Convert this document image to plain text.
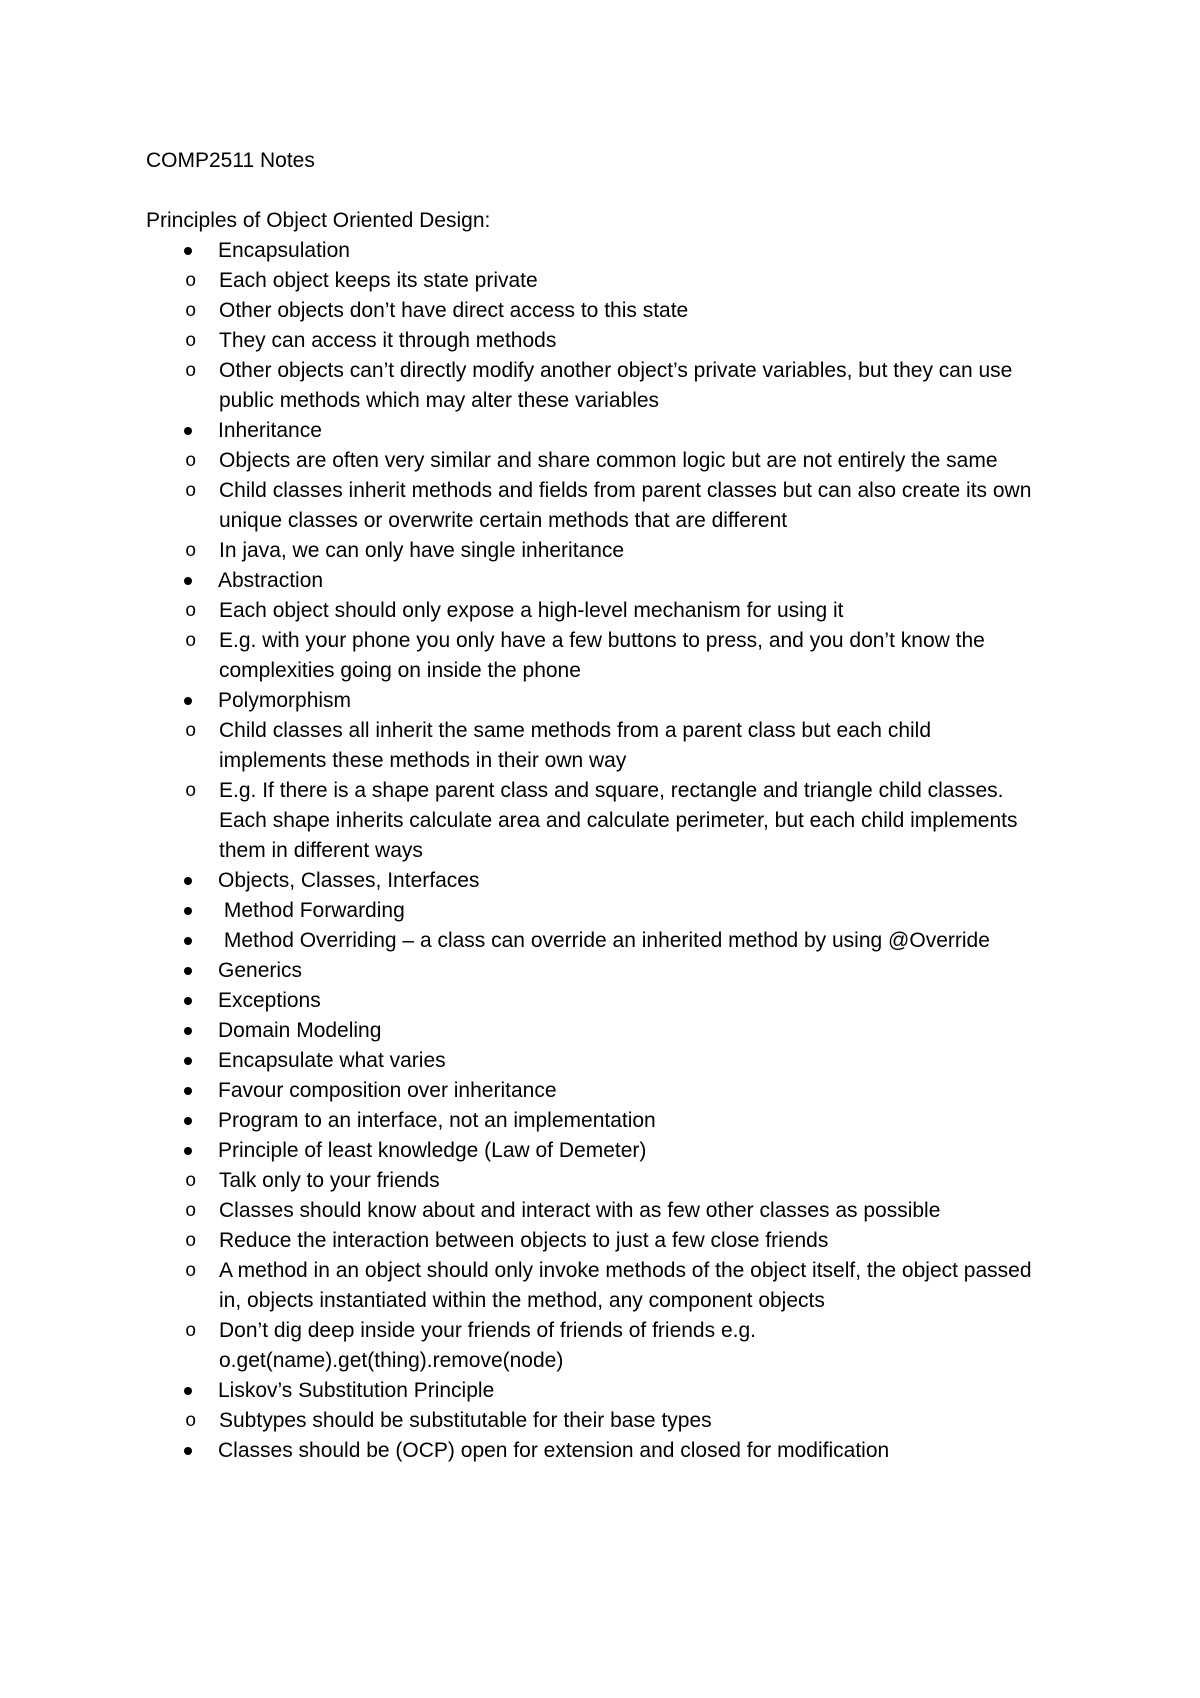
COMP2511 Notes

Principles of Object Oriented Design:

Encapsulation
o Each object keeps its state private
o Other objects don’t have direct access to this state
o They can access it through methods
o Other objects can’t directly modify another object’s private variables, but they can use public methods which may alter these variables
Inheritance
o Objects are often very similar and share common logic but are not entirely the same
o Child classes inherit methods and fields from parent classes but can also create its own unique classes or overwrite certain methods that are different
o In java, we can only have single inheritance
Abstraction
o Each object should only expose a high-level mechanism for using it
o E.g. with your phone you only have a few buttons to press, and you don’t know the complexities going on inside the phone
Polymorphism
o Child classes all inherit the same methods from a parent class but each child implements these methods in their own way
o E.g. If there is a shape parent class and square, rectangle and triangle child classes. Each shape inherits calculate area and calculate perimeter, but each child implements them in different ways
Objects, Classes, Interfaces
Method Forwarding
Method Overriding – a class can override an inherited method by using @Override
Generics
Exceptions
Domain Modeling
Encapsulate what varies
Favour composition over inheritance
Program to an interface, not an implementation
Principle of least knowledge (Law of Demeter)
o Talk only to your friends
o Classes should know about and interact with as few other classes as possible
o Reduce the interaction between objects to just a few close friends
o A method in an object should only invoke methods of the object itself, the object passed in, objects instantiated within the method, any component objects
o Don’t dig deep inside your friends of friends of friends e.g. o.get(name).get(thing).remove(node)
Liskov’s Substitution Principle
o Subtypes should be substitutable for their base types
Classes should be (OCP) open for extension and closed for modification
